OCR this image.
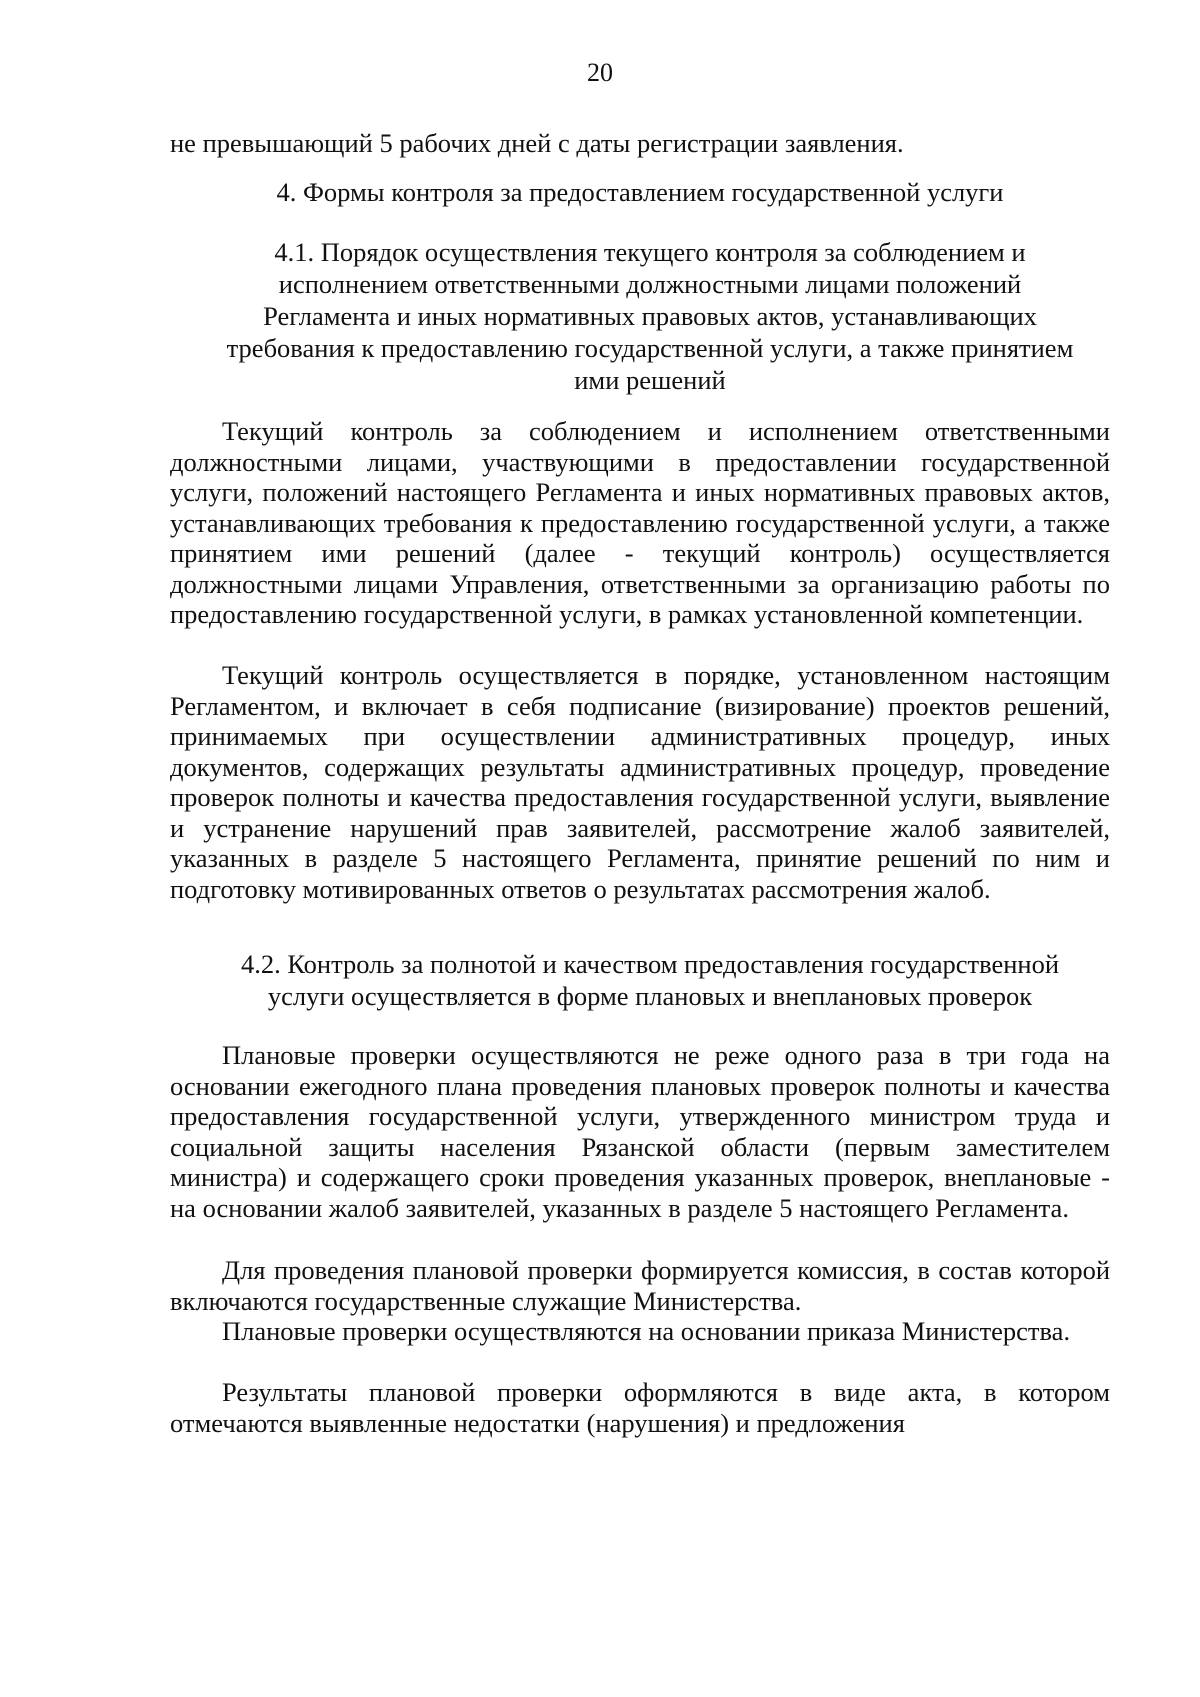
20
не превышающий 5 рабочих дней с даты регистрации заявления.
4. Формы контроля за предоставлением государственной услуги
4.1. Порядок осуществления текущего контроля за соблюдением и исполнением ответственными должностными лицами положений Регламента и иных нормативных правовых актов, устанавливающих требования к предоставлению государственной услуги, а также принятием ими решений
Текущий контроль за соблюдением и исполнением ответственными должностными лицами, участвующими в предоставлении государственной услуги, положений настоящего Регламента и иных нормативных правовых актов, устанавливающих требования к предоставлению государственной услуги, а также принятием ими решений (далее - текущий контроль) осуществляется должностными лицами Управления, ответственными за организацию работы по предоставлению государственной услуги, в рамках установленной компетенции.
Текущий контроль осуществляется в порядке, установленном настоящим Регламентом, и включает в себя подписание (визирование) проектов решений, принимаемых при осуществлении административных процедур, иных документов, содержащих результаты административных процедур, проведение проверок полноты и качества предоставления государственной услуги, выявление и устранение нарушений прав заявителей, рассмотрение жалоб заявителей, указанных в разделе 5 настоящего Регламента, принятие решений по ним и подготовку мотивированных ответов о результатах рассмотрения жалоб.
4.2. Контроль за полнотой и качеством предоставления государственной услуги осуществляется в форме плановых и внеплановых проверок
Плановые проверки осуществляются не реже одного раза в три года на основании ежегодного плана проведения плановых проверок полноты и качества предоставления государственной услуги, утвержденного министром труда и социальной защиты населения Рязанской области (первым заместителем министра) и содержащего сроки проведения указанных проверок, внеплановые - на основании жалоб заявителей, указанных в разделе 5 настоящего Регламента.
Для проведения плановой проверки формируется комиссия, в состав которой включаются государственные служащие Министерства.
Плановые проверки осуществляются на основании приказа Министерства.
Результаты плановой проверки оформляются в виде акта, в котором отмечаются выявленные недостатки (нарушения) и предложения
